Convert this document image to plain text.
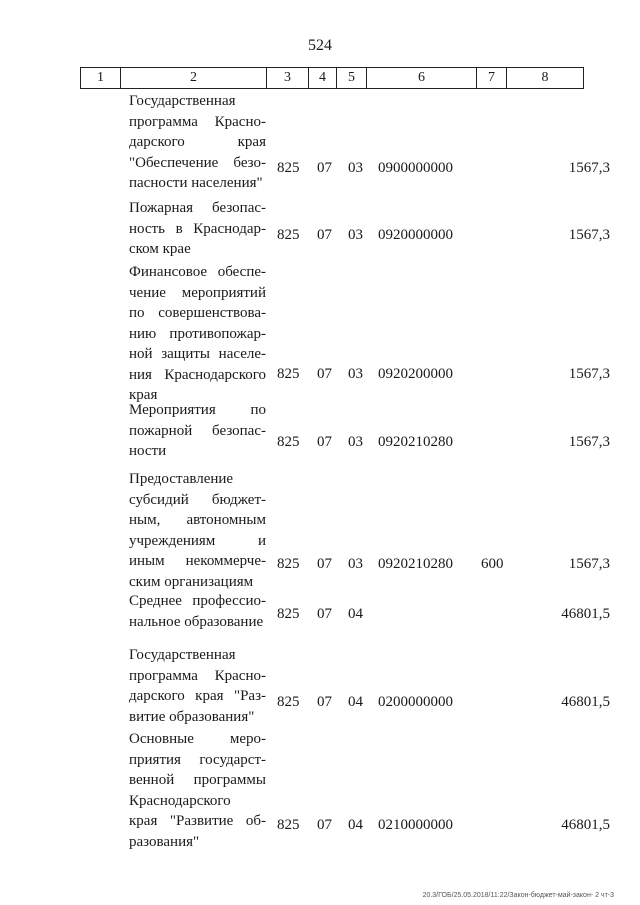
524
1	2	3	4	5	6	7	8
Государственная
программа Красно-
дарского края
"Обеспечение безо-
пасности населения"
825 07 03 0900000000	1567,3
Пожарная безопас-
ность в Краснодар-
ском крае
825 07 03 0920000000	1567,3
Финансовое обеспе-
чение мероприятий
по совершенствова-
нию противопожар-
ной защиты населе-
ния Краснодарского
края
825 07 03 0920200000	1567,3
Мероприятия по
пожарной безопас-
ности
825 07 03 0920210280	1567,3
Предоставление
субсидий бюджет-
ным, автономным
учреждениям и
иным некоммерче-
ским организациям
825 07 03 0920210280 600	1567,3
Среднее профессио-
нальное образование 825 07 04	46801,5
Государственная
программа Красно-
дарского края "Раз-
витие образования"
825 07 04 0200000000	46801,5
Основные меро-
приятия государст-
венной программы
Краснодарского
края "Развитие об-
разования"
825 07 04 0210000000	46801,5
20.3/ГОБ/25.05.2018/11:22/Закон-бюджет-май-закон- 2 чт-3
